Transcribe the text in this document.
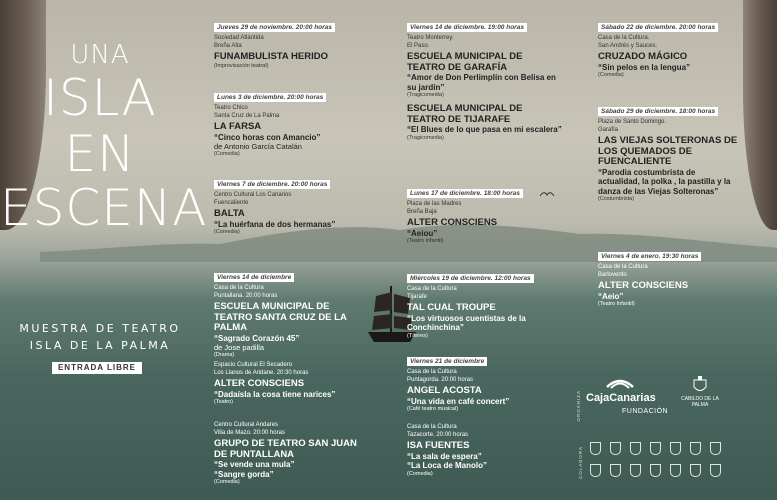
UNA
ISLA
EN
ESCENA
MUESTRA DE TEATRO
ISLA DE LA PALMA
ENTRADA LIBRE
Jueves 29 de noviembre. 20:00 horas
Sociedad Atlántida
Breña Alta
FUNAMBULISTA HERIDO
(Improvisación teatral)
Lunes 3 de diciembre. 20:00 horas
Teatro Chico
Santa Cruz de La Palma
LA FARSA
“Cinco horas con Amancio”
de Antonio García Catalán
(Comedia)
Viernes 7 de diciembre. 20:00 horas
Centro Cultural Los Canarios
Fuencaliente
BALTA
“La huérfana de dos hermanas”
(Comedia)
Viernes 14 de diciembre
Casa de la Cultura
Puntallana. 20:00 horas
ESCUELA MUNICIPAL DE TEATRO SANTA CRUZ DE LA PALMA
“Sagrado Corazón 45”
de Jose padilla
(Drama)
Espacio Cultural El Secadero
Los Llanos de Aridane. 20:30 horas
ALTER CONSCIENS
“Dadaísla la cosa tiene narices”
(Teatro)
Centro Cultural Andares
Villa de Mazo. 20:00 horas
GRUPO DE TEATRO SAN JUAN DE PUNTALLANA
“Se vende una mula”
“Sangre gorda”
(Comedia)
Viernes 14 de diciembre. 19:00 horas
Teatro Monterrey.
El Paso.
ESCUELA MUNICIPAL DE TEATRO DE GARAFÍA
“Amor de Don Perlimplín con Belisa en su jardín”
(Tragicomedia)
ESCUELA MUNICIPAL DE TEATRO DE TIJARAFE
“El Blues de lo que pasa en mi escalera”
(Tragicomedia)
Lunes 17 de diciembre. 18:00 horas
Plaza de las Madres
Breña Baja
ALTER CONSCIENS
“Aeiou”
(Teatro infantil)
Miércoles 19 de diciembre. 12:00 horas
Casa de la Cultura
Tijarafe
TAL CUAL TROUPE
“Los virtuosos cuentistas de la Conchinchina”
(Títeres)
Viernes 21 de diciembre
Casa de la Cultura
Puntagorda. 20:00 horas
ANGEL ACOSTA
“Una vida en café concert”
(Café teatro musical)
Casa de la Cultura
Tazacorte. 20:00 horas
ISA FUENTES
“La sala de espera”
“La Loca de Manolo”
(Comedia)
Sábado 22 de diciembre. 20:00 horas
Casa de la Cultura.
San Andrés y Sauces.
CRUZADO MÁGICO
“Sin pelos en la lengua”
(Comedia)
Sábado 29 de diciembre. 18:00 horas
Plaza de Santo Domingo.
Garafía
LAS VIEJAS SOLTERONAS DE LOS QUEMADOS DE FUENCALIENTE
“Parodia costumbrista de actualidad, la polka , la pastilla y la danza de las Viejas Solteronas”
(Costumbrista)
Viernes 4 de enero. 19:30 horas
Casa de la Cultura
Barlovento
ALTER CONSCIENS
“Aeio”
(Teatro Infantil)
ORGANIZA CajaCanarias
FUNDACIÓN
CABILDO DE LA PALMA
COLABORA
